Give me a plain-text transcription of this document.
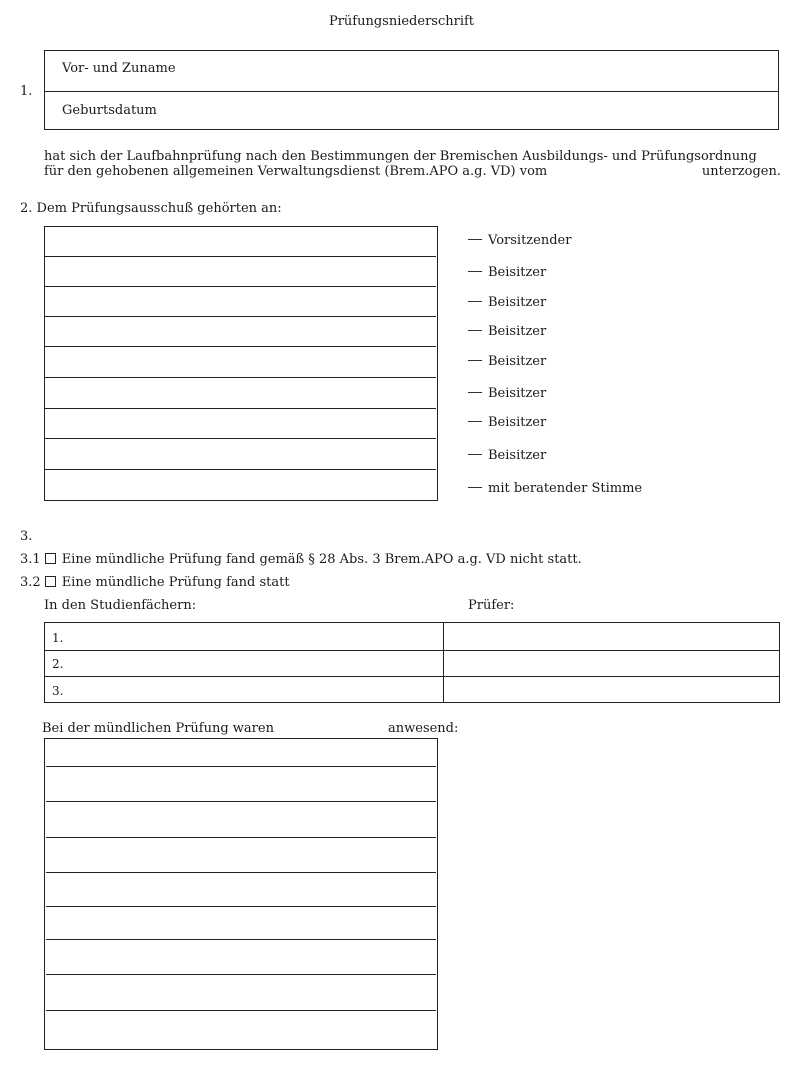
Prüfungsniederschrift
1.
Vor- und Zuname
Geburtsdatum
hat sich der Laufbahnprüfung nach den Bestimmungen der Bremischen Ausbildungs- und Prüfungsordnung
für den gehobenen allgemeinen Verwaltungsdienst (Brem.APO a.g. VD) vom	unterzogen.
2. Dem Prüfungsausschuß gehörten an:
Vorsitzender
Beisitzer
Beisitzer
Beisitzer
Beisitzer
Beisitzer
Beisitzer
Beisitzer
mit beratender Stimme
3.
3.1 Eine mündliche Prüfung fand gemäß § 28 Abs. 3 Brem.APO a.g. VD nicht statt.
3.2 Eine mündliche Prüfung fand statt
In den Studienfächern:	Prüfer:
1.
2.
3.
Bei der mündlichen Prüfung waren	anwesend:
